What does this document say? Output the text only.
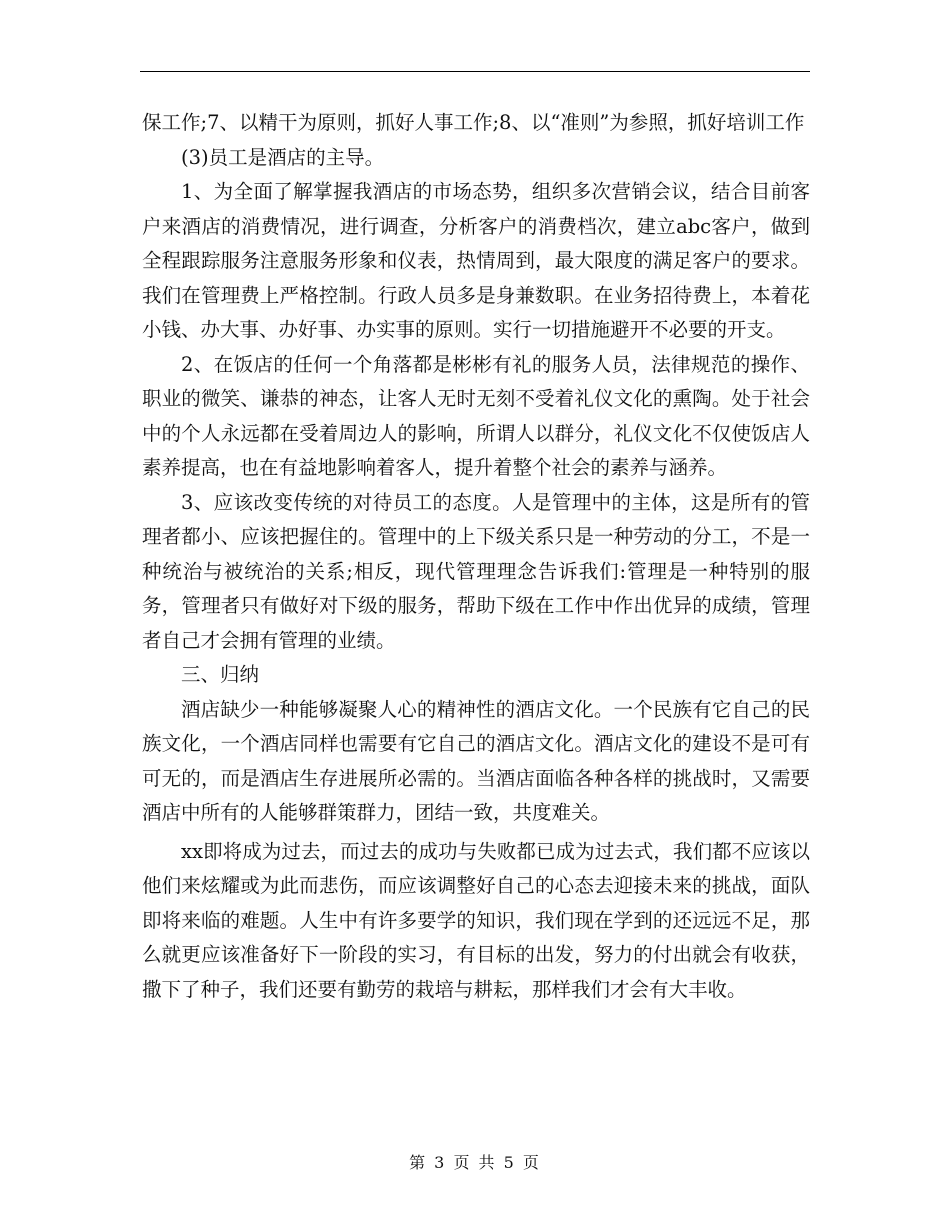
保工作;7、以精干为原则，抓好人事工作;8、以“准则”为参照，抓好培训工作

(3)员工是酒店的主导。

1、为全面了解掌握我酒店的市场态势，组织多次营销会议，结合目前客户来酒店的消费情况，进行调查，分析客户的消费档次，建立abc客户，做到全程跟踪服务注意服务形象和仪表，热情周到，最大限度的满足客户的要求。我们在管理费上严格控制。行政人员多是身兼数职。在业务招待费上，本着花小钱、办大事、办好事、办实事的原则。实行一切措施避开不必要的开支。

2、在饭店的任何一个角落都是彬彬有礼的服务人员，法律规范的操作、职业的微笑、谦恭的神态，让客人无时无刻不受着礼仪文化的熏陶。处于社会中的个人永远都在受着周边人的影响，所谓人以群分，礼仪文化不仅使饭店人素养提高，也在有益地影响着客人，提升着整个社会的素养与涵养。

3、应该改变传统的对待员工的态度。人是管理中的主体，这是所有的管理者都小、应该把握住的。管理中的上下级关系只是一种劳动的分工，不是一种统治与被统治的关系;相反，现代管理理念告诉我们:管理是一种特别的服务，管理者只有做好对下级的服务，帮助下级在工作中作出优异的成绩，管理者自己才会拥有管理的业绩。

三、归纳

酒店缺少一种能够凝聚人心的精神性的酒店文化。一个民族有它自己的民族文化，一个酒店同样也需要有它自己的酒店文化。酒店文化的建设不是可有可无的，而是酒店生存进展所必需的。当酒店面临各种各样的挑战时，又需要酒店中所有的人能够群策群力，团结一致，共度难关。

xx即将成为过去，而过去的成功与失败都已成为过去式，我们都不应该以他们来炫耀或为此而悲伤，而应该调整好自己的心态去迎接未来的挑战，面队即将来临的难题。人生中有许多要学的知识，我们现在学到的还远远不足，那么就更应该准备好下一阶段的实习，有目标的出发，努力的付出就会有收获，撒下了种子，我们还要有勤劳的栽培与耕耘，那样我们才会有大丰收。

第 3 页 共 5 页
